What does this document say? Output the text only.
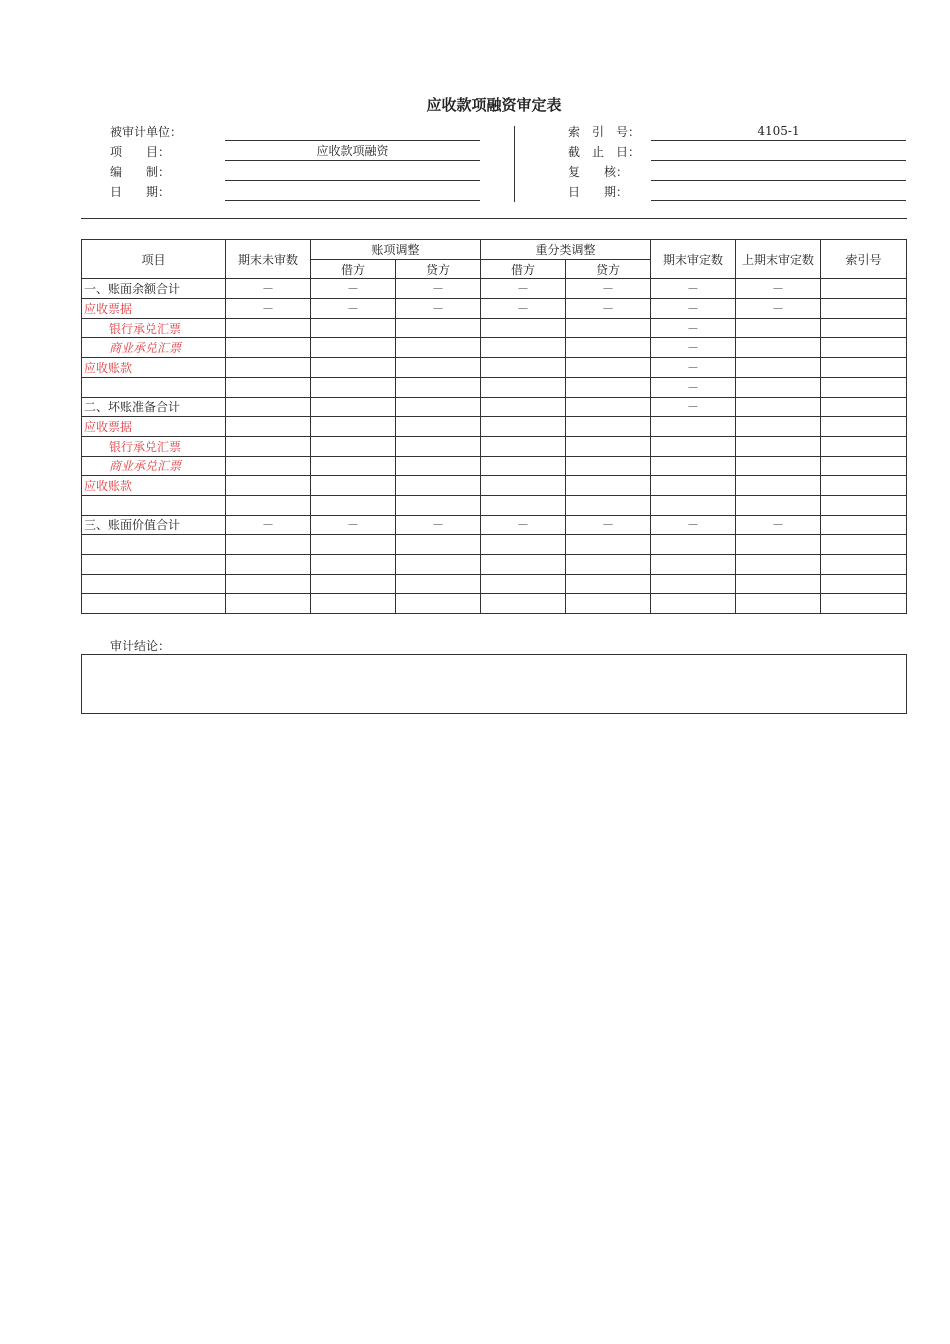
应收款项融资审定表
被审计单位：
项　　目：	应收款项融资
编　　制：
日　　期：
索　引　号：	4105-1
截　止　日：
复　　核：
日　　期：
项目	期末未审数	账项调整		重分类调整		期末审定数	上期末审定数	索引号
		借方	贷方	借方	贷方			
一、账面余额合计	－	－	－	－	－	－	－	
应收票据	－	－	－	－	－	－	－	
银行承兑汇票						－		
商业承兑汇票						－		
应收账款						－		
						－		
二、坏账准备合计						－		
应收票据								
银行承兑汇票								
商业承兑汇票								
应收账款								

三、账面价值合计	－	－	－	－	－	－	－	

审计结论：
